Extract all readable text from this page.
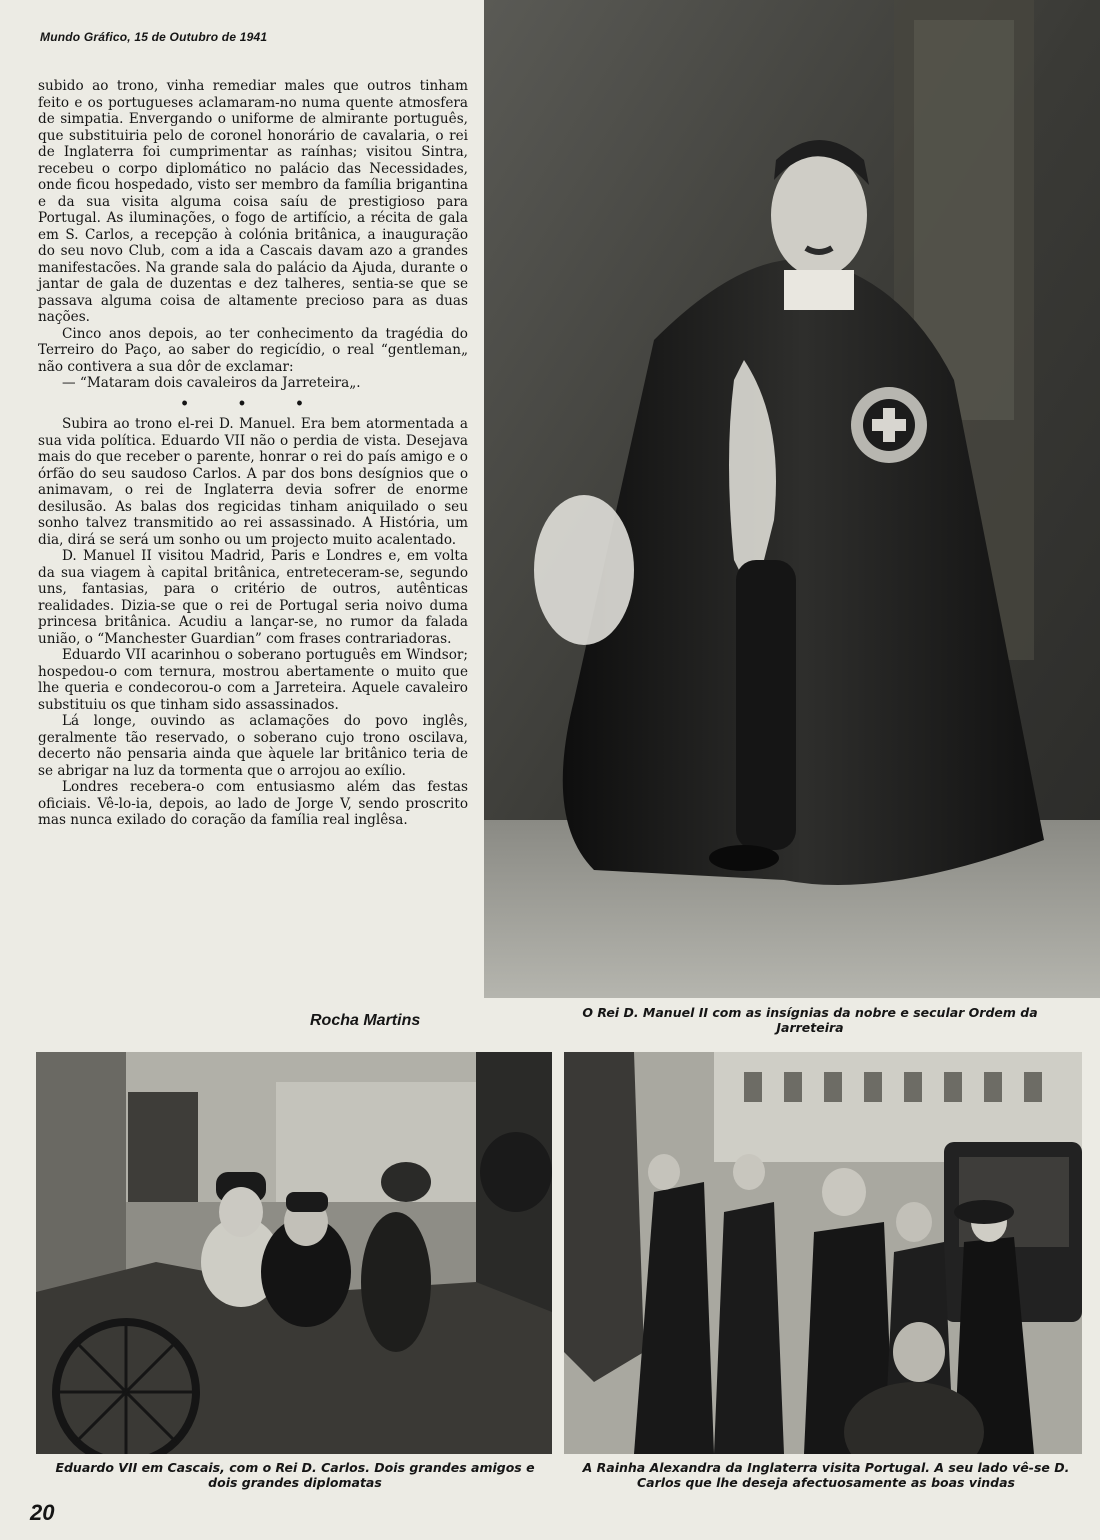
Mundo Gráfico, 15 de Outubro de 1941

subido ao trono, vinha remediar males que outros tinham feito e os portugueses aclamaram-no numa quente atmosfera de simpatia. Envergando o uniforme de almirante português, que substituiria pelo de coronel honorário de cavalaria, o rei de Inglaterra foi cumprimentar as raínhas; visitou Sintra, recebeu o corpo diplomático no palácio das Necessidades, onde ficou hospedado, visto ser membro da família brigantina e da sua visita alguma coisa saíu de prestigioso para Portugal. As iluminações, o fogo de artifício, a récita de gala em S. Carlos, a recepção à colónia britânica, a inauguração do seu novo Club, com a ida a Cascais davam azo a grandes manifestacões. Na grande sala do palácio da Ajuda, durante o jantar de gala de duzentas e dez talheres, sentia-se que se passava alguma coisa de altamente precioso para as duas nações.

Cinco anos depois, ao ter conhecimento da tragédia do Terreiro do Paço, ao saber do regicídio, o real “gentleman„ não contivera a sua dôr de exclamar:

— “Mataram dois cavaleiros da Jarreteira„.

• • •

Subira ao trono el-rei D. Manuel. Era bem atormentada a sua vida política. Eduardo VII não o perdia de vista. Desejava mais do que receber o parente, honrar o rei do país amigo e o órfão do seu saudoso Carlos. A par dos bons desígnios que o animavam, o rei de Inglaterra devia sofrer de enorme desilusão. As balas dos regicidas tinham aniquilado o seu sonho talvez transmitido ao rei assassinado. A História, um dia, dirá se será um sonho ou um projecto muito acalentado.

D. Manuel II visitou Madrid, Paris e Londres e, em volta da sua viagem à capital britânica, entreteceram-se, segundo uns, fantasias, para o critério de outros, autênticas realidades. Dizia-se que o rei de Portugal seria noivo duma princesa britânica. Acudiu a lançar-se, no rumor da falada união, o “Manchester Guardian” com frases contrariadoras.

Eduardo VII acarinhou o soberano português em Windsor; hospedou-o com ternura, mostrou abertamente o muito que lhe queria e condecorou-o com a Jarreteira. Aquele cavaleiro substituiu os que tinham sido assassinados.

Lá longe, ouvindo as aclamações do povo inglês, geralmente tão reservado, o soberano cujo trono oscilava, decerto não pensaria ainda que àquele lar britânico teria de se abrigar na luz da tormenta que o arrojou ao exílio.

Londres recebera-o com entusiasmo além das festas oficiais. Vê-lo-ia, depois, ao lado de Jorge V, sendo proscrito mas nunca exilado do coração da família real inglêsa.

Rocha Martins	O Rei D. Manuel II com as insígnias da nobre e secular Ordem da Jarreteira
Eduardo VII em Cascais, com o Rei D. Carlos. Dois grandes amigos e dois grandes diplomatas
A Rainha Alexandra da Inglaterra visita Portugal. A seu lado vê-se D. Carlos que lhe deseja afectuosamente as boas vindas
20
